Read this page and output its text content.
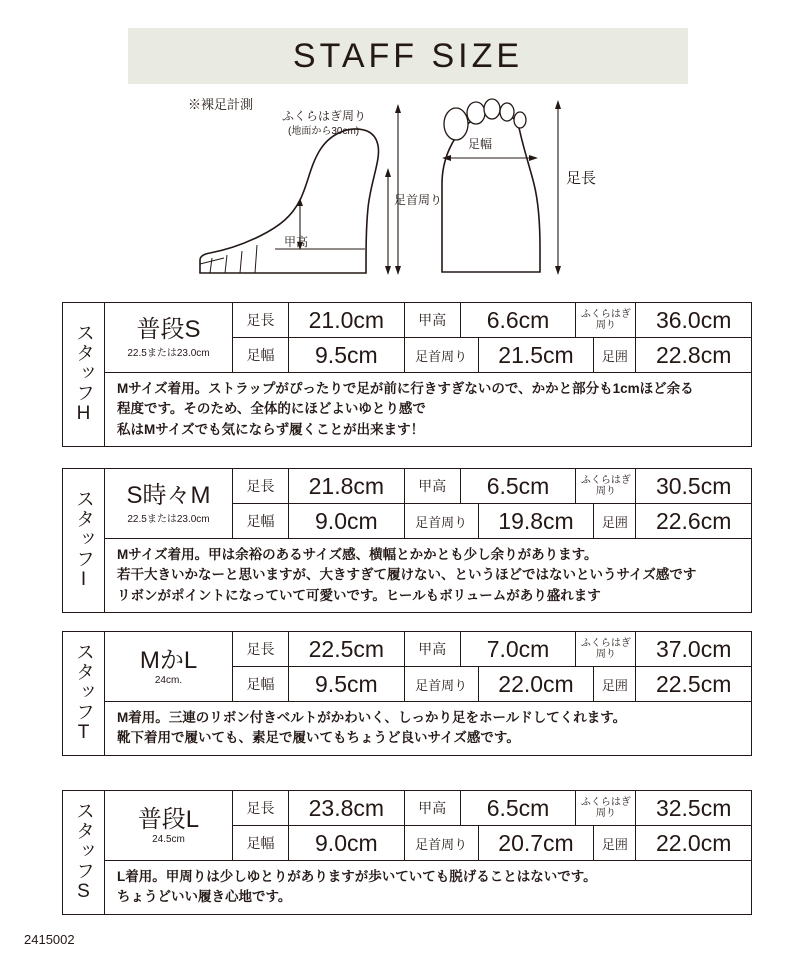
STAFF SIZE
※裸足計測
ふくらはぎ周り
(地面から30cm)
足首周り
甲高
足幅
足長
スタッフH	普段S
22.5または23.0cm
足長	21.0cm	甲高	6.6cm	ふくらはぎ
周り	36.0cm
足幅	9.5cm	足首周り	21.5cm	足囲	22.8cm
Mサイズ着用。ストラップがぴったりで足が前に行きすぎないので、かかと部分も1cmほど余る
程度です。そのため、全体的にほどよいゆとり感で
私はMサイズでも気にならず履くことが出来ます！
スタッフI	S時々M
22.5または23.0cm
足長	21.8cm	甲高	6.5cm	ふくらはぎ
周り	30.5cm
足幅	9.0cm	足首周り	19.8cm	足囲	22.6cm
Mサイズ着用。甲は余裕のあるサイズ感、横幅とかかとも少し余りがあります。
若干大きいかなーと思いますが、大きすぎて履けない、というほどではないというサイズ感です
リボンがポイントになっていて可愛いです。ヒールもボリュームがあり盛れます
スタッフT	MかL
24cm.
足長	22.5cm	甲高	7.0cm	ふくらはぎ
周り	37.0cm
足幅	9.5cm	足首周り	22.0cm	足囲	22.5cm
M着用。三連のリボン付きベルトがかわいく、しっかり足をホールドしてくれます。
靴下着用で履いても、素足で履いてもちょうど良いサイズ感です。
スタッフS	普段L
24.5cm
足長	23.8cm	甲高	6.5cm	ふくらはぎ
周り	32.5cm
足幅	9.0cm	足首周り	20.7cm	足囲	22.0cm
L着用。甲周りは少しゆとりがありますが歩いていても脱げることはないです。
ちょうどいい履き心地です。
2415002
